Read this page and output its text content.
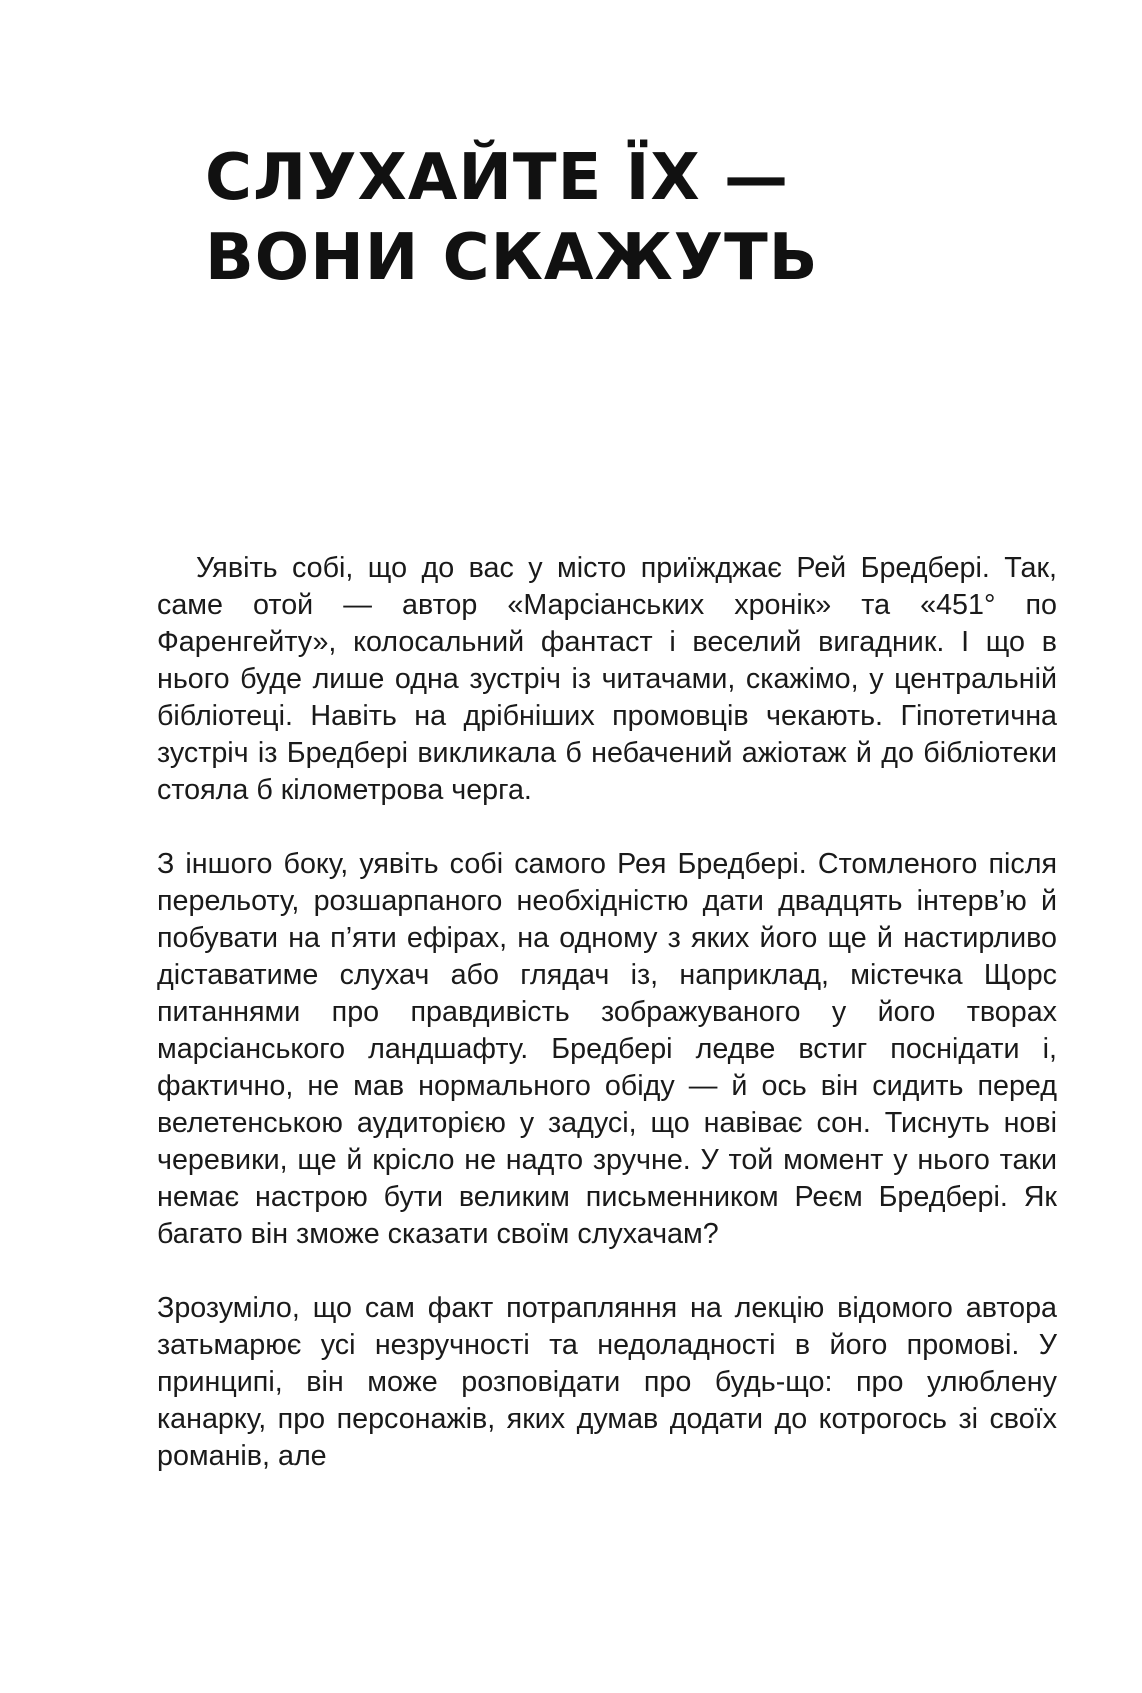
СЛУХАЙТЕ ЇХ —
ВОНИ СКАЖУТЬ

Уявіть собі, що до вас у місто приїжджає Рей Бредбері. Так, саме отой — автор «Марсіанських хронік» та «451° по Фаренгейту», колосальний фантаст і веселий вигадник. І що в нього буде лише одна зустріч із читачами, скажімо, у центральній бібліотеці. Навіть на дрібніших промовців чекають. Гіпотетична зустріч із Бредбері викликала б небачений ажіотаж й до бібліотеки стояла б кілометрова черга.

З іншого боку, уявіть собі самого Рея Бредбері. Стомленого після перельоту, розшарпаного необхідністю дати двадцять інтерв’ю й побувати на п’яти ефірах, на одному з яких його ще й настирливо діставатиме слухач або глядач із, наприклад, містечка Щорс питаннями про правдивість зображуваного у його творах марсіанського ландшафту. Бредбері ледве встиг поснідати і, фактично, не мав нормального обіду — й ось він сидить перед велетенською аудиторією у задусі, що навіває сон. Тиснуть нові черевики, ще й крісло не надто зручне. У той момент у нього таки немає настрою бути великим письменником Реєм Бредбері. Як багато він зможе сказати своїм слухачам?

Зрозуміло, що сам факт потрапляння на лекцію відомого автора затьмарює усі незручності та недоладності в його промові. У принципі, він може розповідати про будь-що: про улюблену канарку, про персонажів, яких думав додати до котрогось зі своїх романів, але
